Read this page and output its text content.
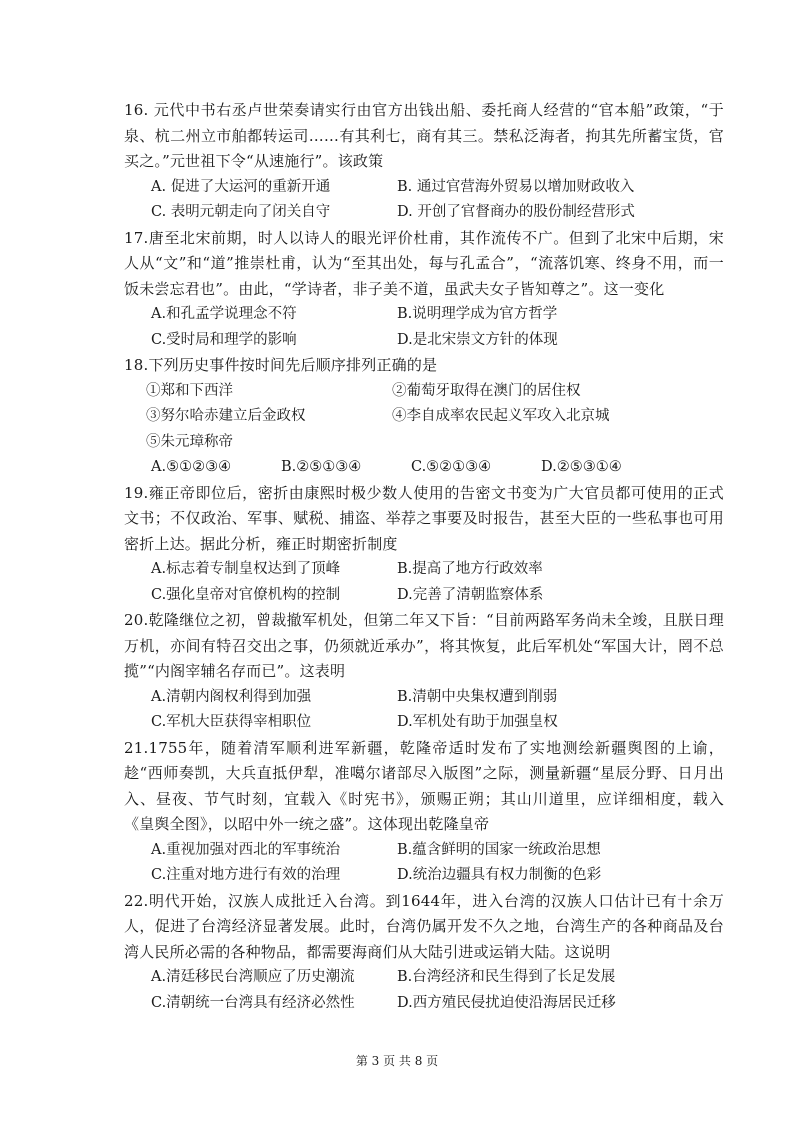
16. 元代中书右丞卢世荣奏请实行由官方出钱出船、委托商人经营的“官本船”政策，“于泉、杭二州立市舶都转运司……有其利七，商有其三。禁私泛海者，拘其先所蓄宝货，官买之。”元世祖下令“从速施行”。该政策

A. 促进了大运河的重新开通	B. 通过官营海外贸易以增加财政收入
C. 表明元朝走向了闭关自守	D. 开创了官督商办的股份制经营形式

17.唐至北宋前期，时人以诗人的眼光评价杜甫，其作流传不广。但到了北宋中后期，宋人从“文”和“道”推崇杜甫，认为“至其出处，每与孔孟合”，“流落饥寒、终身不用，而一饭未尝忘君也”。由此，“学诗者，非子美不道，虽武夫女子皆知尊之”。这一变化

A.和孔孟学说理念不符	B.说明理学成为官方哲学
C.受时局和理学的影响	D.是北宋崇文方针的体现

18.下列历史事件按时间先后顺序排列正确的是

①郑和下西洋	②葡萄牙取得在澳门的居住权
③努尔哈赤建立后金政权	④李自成率农民起义军攻入北京城
⑤朱元璋称帝
A.⑤①②③④	B.②⑤①③④	C.⑤②①③④	D.②⑤③①④

19.雍正帝即位后，密折由康熙时极少数人使用的告密文书变为广大官员都可使用的正式文书；不仅政治、军事、赋税、捕盗、举荐之事要及时报告，甚至大臣的一些私事也可用密折上达。据此分析，雍正时期密折制度

A.标志着专制皇权达到了顶峰	B.提高了地方行政效率
C.强化皇帝对官僚机构的控制	D.完善了清朝监察体系

20.乾隆继位之初，曾裁撤军机处，但第二年又下旨：“目前两路军务尚未全竣，且朕日理万机，亦间有特召交出之事，仍须就近承办”，将其恢复，此后军机处“军国大计，罔不总揽”“内阁宰辅名存而已”。这表明

A.清朝内阁权利得到加强	B.清朝中央集权遭到削弱
C.军机大臣获得宰相职位	D.军机处有助于加强皇权

21.1755年，随着清军顺利进军新疆，乾隆帝适时发布了实地测绘新疆舆图的上谕，趁“西师奏凯，大兵直抵伊犁，准噶尔诸部尽入版图”之际，测量新疆“星辰分野、日月出入、昼夜、节气时刻，宜载入《时宪书》，颁赐正朔；其山川道里，应详细相度，载入《皇舆全图》，以昭中外一统之盛”。这体现出乾隆皇帝

A.重视加强对西北的军事统治	B.蕴含鲜明的国家一统政治思想
C.注重对地方进行有效的治理	D.统治边疆具有权力制衡的色彩

22.明代开始，汉族人成批迁入台湾。到1644年，进入台湾的汉族人口估计已有十余万人，促进了台湾经济显著发展。此时，台湾仍属开发不久之地，台湾生产的各种商品及台湾人民所必需的各种物品，都需要海商们从大陆引进或运销大陆。这说明

A.清廷移民台湾顺应了历史潮流	B.台湾经济和民生得到了长足发展
C.清朝统一台湾具有经济必然性	D.西方殖民侵扰迫使沿海居民迁移
第 3 页 共 8 页
